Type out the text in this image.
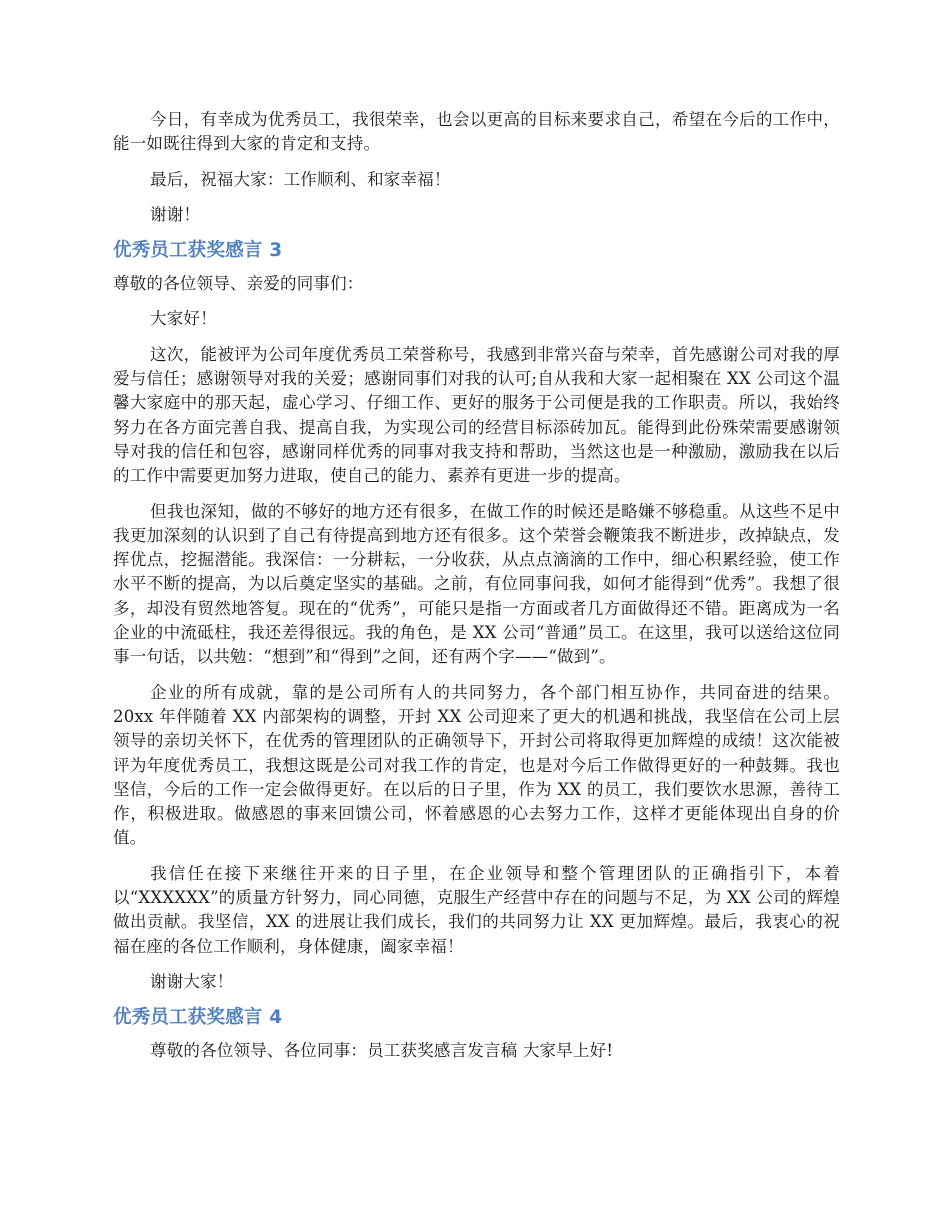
今日，有幸成为优秀员工，我很荣幸，也会以更高的目标来要求自己，希望在今后的工作中，能一如既往得到大家的肯定和支持。

最后，祝福大家：工作顺利、和家幸福！

谢谢！

优秀员工获奖感言 3

尊敬的各位领导、亲爱的同事们：

大家好！

这次，能被评为公司年度优秀员工荣誉称号，我感到非常兴奋与荣幸，首先感谢公司对我的厚爱与信任；感谢领导对我的关爱；感谢同事们对我的认可;自从我和大家一起相聚在 XX 公司这个温馨大家庭中的那天起，虚心学习、仔细工作、更好的服务于公司便是我的工作职责。所以，我始终努力在各方面完善自我、提高自我，为实现公司的经营目标添砖加瓦。能得到此份殊荣需要感谢领导对我的信任和包容，感谢同样优秀的同事对我支持和帮助，当然这也是一种激励，激励我在以后的工作中需要更加努力进取，使自己的能力、素养有更进一步的提高。

但我也深知，做的不够好的地方还有很多，在做工作的时候还是略嫌不够稳重。从这些不足中我更加深刻的认识到了自己有待提高到地方还有很多。这个荣誉会鞭策我不断进步，改掉缺点，发挥优点，挖掘潜能。我深信：一分耕耘，一分收获，从点点滴滴的工作中，细心积累经验，使工作水平不断的提高，为以后奠定坚实的基础。之前，有位同事问我，如何才能得到“优秀”。我想了很多，却没有贸然地答复。现在的“优秀”，可能只是指一方面或者几方面做得还不错。距离成为一名企业的中流砥柱，我还差得很远。我的角色，是 XX 公司“普通”员工。在这里，我可以送给这位同事一句话，以共勉：“想到”和“得到”之间，还有两个字——“做到”。

企业的所有成就，靠的是公司所有人的共同努力，各个部门相互协作，共同奋进的结果。20xx 年伴随着 XX 内部架构的调整，开封 XX 公司迎来了更大的机遇和挑战，我坚信在公司上层领导的亲切关怀下，在优秀的管理团队的正确领导下，开封公司将取得更加辉煌的成绩！这次能被评为年度优秀员工，我想这既是公司对我工作的肯定，也是对今后工作做得更好的一种鼓舞。我也坚信，今后的工作一定会做得更好。在以后的日子里，作为 XX 的员工，我们要饮水思源，善待工作，积极进取。做感恩的事来回馈公司，怀着感恩的心去努力工作，这样才更能体现出自身的价值。

我信任在接下来继往开来的日子里，在企业领导和整个管理团队的正确指引下，本着以“XXXXXX”的质量方针努力，同心同德，克服生产经营中存在的问题与不足，为 XX 公司的辉煌做出贡献。我坚信，XX 的进展让我们成长，我们的共同努力让 XX 更加辉煌。最后，我衷心的祝福在座的各位工作顺利，身体健康，阖家幸福！

谢谢大家！

优秀员工获奖感言 4

尊敬的各位领导、各位同事：员工获奖感言发言稿 大家早上好!
